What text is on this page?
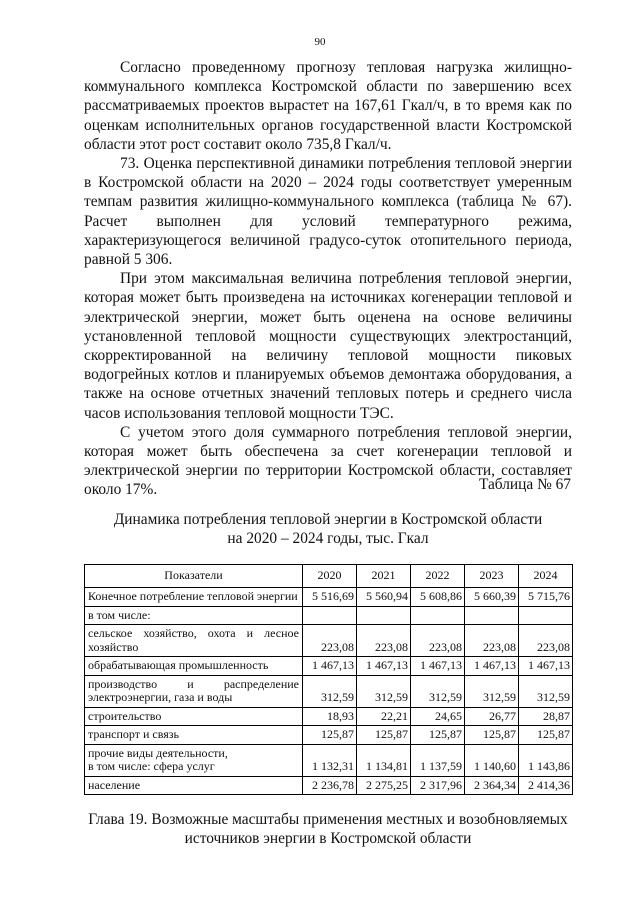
90

Согласно проведенному прогнозу тепловая нагрузка жилищно-коммунального комплекса Костромской области по завершению всех рассматриваемых проектов вырастет на 167,61 Гкал/ч, в то время как по оценкам исполнительных органов государственной власти Костромской области этот рост составит около 735,8 Гкал/ч.

73. Оценка перспективной динамики потребления тепловой энергии в Костромской области на 2020 – 2024 годы соответствует умеренным темпам развития жилищно-коммунального комплекса (таблица № 67). Расчет выполнен для условий температурного режима, характеризующегося величиной градусо-суток отопительного периода, равной 5 306.

При этом максимальная величина потребления тепловой энергии, которая может быть произведена на источниках когенерации тепловой и электрической энергии, может быть оценена на основе величины установленной тепловой мощности существующих электростанций, скорректированной на величину тепловой мощности пиковых водогрейных котлов и планируемых объемов демонтажа оборудования, а также на основе отчетных значений тепловых потерь и среднего числа часов использования тепловой мощности ТЭС.

С учетом этого доля суммарного потребления тепловой энергии, которая может быть обеспечена за счет когенерации тепловой и электрической энергии по территории Костромской области, составляет около 17%.	Таблица № 67
Динамика потребления тепловой энергии в Костромской области
на 2020 – 2024 годы, тыс. Гкал
Показатели	2020	2021	2022	2023	2024
Конечное потребление тепловой энергии	5 516,69	5 560,94	5 608,86	5 660,39	5 715,76
в том числе:					
сельское хозяйство, охота и лесное хозяйство	223,08	223,08	223,08	223,08	223,08
обрабатывающая промышленность	1 467,13	1 467,13	1 467,13	1 467,13	1 467,13
производство и распределение электроэнергии, газа и воды	312,59	312,59	312,59	312,59	312,59
строительство	18,93	22,21	24,65	26,77	28,87
транспорт и связь	125,87	125,87	125,87	125,87	125,87

прочие виды деятельности,
в том числе: сфера услуг	1 132,31	1 134,81	1 137,59	1 140,60	1 143,86
население	2 236,78	2 275,25	2 317,96	2 364,34	2 414,36
Глава 19. Возможные масштабы применения местных и возобновляемых
источников энергии в Костромской области
